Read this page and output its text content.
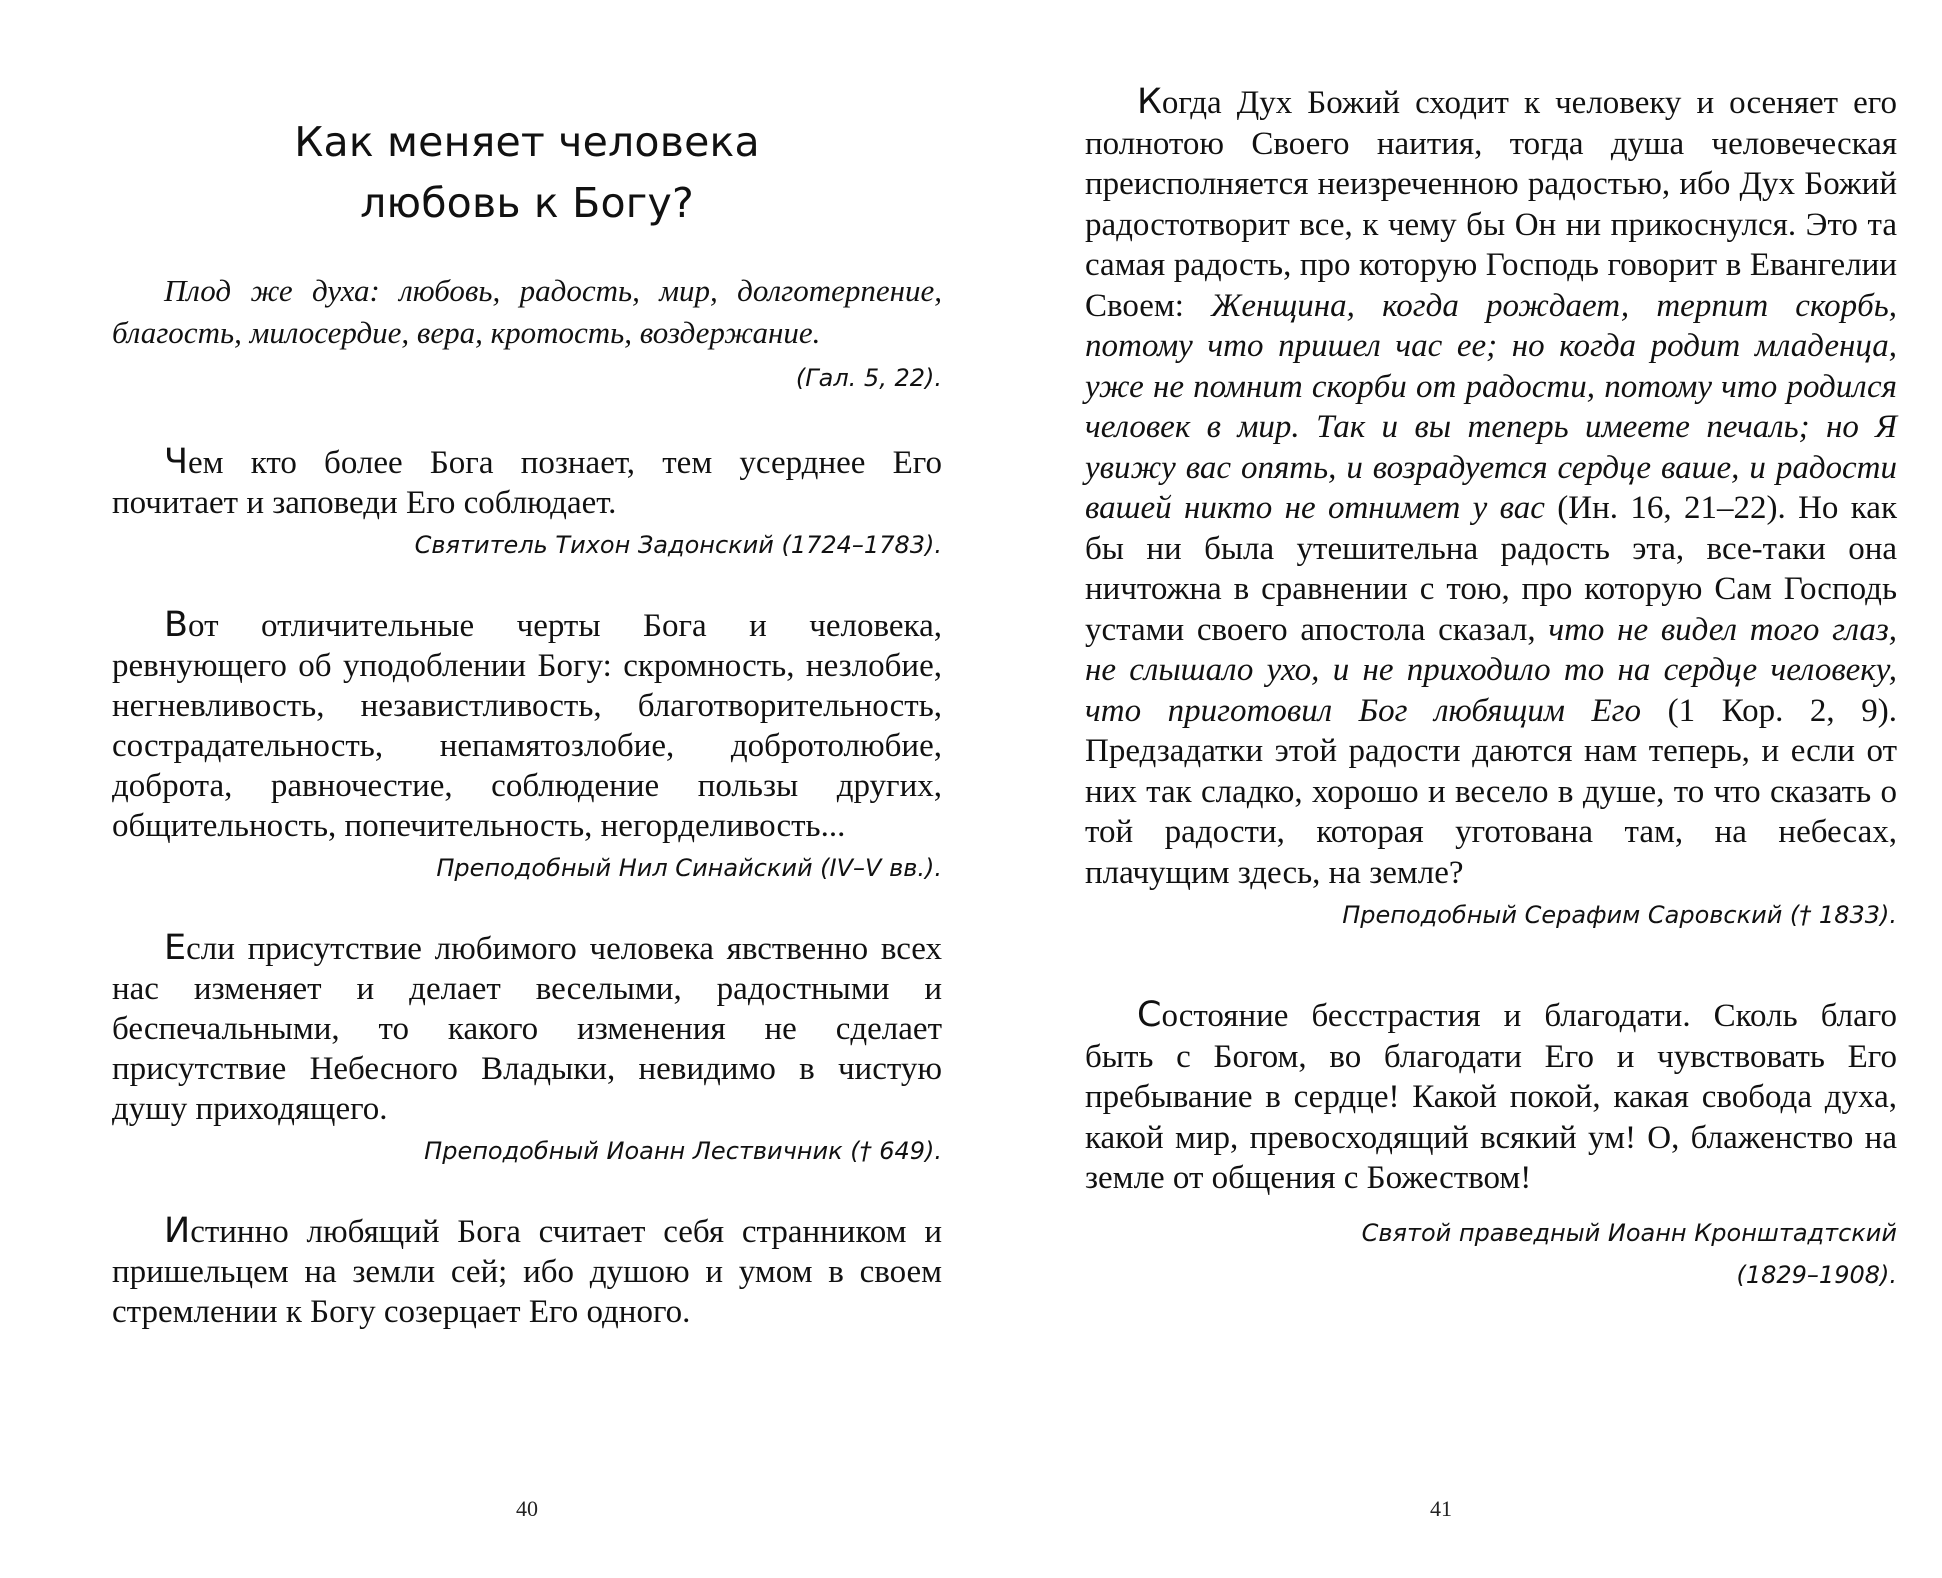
Как меняет человека
любовь к Богу?
Плод же духа: любовь, радость, мир, долготерпение, благость, милосердие, вера, кротость, воздержание.
(Гал. 5, 22).

Чем кто более Бога познает, тем усерднее Его почитает и заповеди Его соблюдает.

Святитель Тихон Задонский (1724–1783).

Вот отличительные черты Бога и человека, ревнующего об уподоблении Богу: скромность, незлобие, негневливость, независтливость, благотворительность, сострадательность, непамятозлобие, добротолюбие, доброта, равночестие, соблюдение пользы других, общительность, попечительность, негорделивость...

Преподобный Нил Синайский (IV–V вв.).

Если присутствие любимого человека явственно всех нас изменяет и делает веселыми, радостными и беспечальными, то какого изменения не сделает присутствие Небесного Владыки, невидимо в чистую душу приходящего.

Преподобный Иоанн Лествичник († 649).

Истинно любящий Бога считает себя странником и пришельцем на земли сей; ибо душою и умом в своем стремлении к Богу созерцает Его одного.

40

Когда Дух Божий сходит к человеку и осеняет его полнотою Своего наития, тогда душа человеческая преисполняется неизреченною радостью, ибо Дух Божий радостотворит все, к чему бы Он ни прикоснулся. Это та самая радость, про которую Господь говорит в Евангелии Своем: Женщина, когда рождает, терпит скорбь, потому что пришел час ее; но когда родит младенца, уже не помнит скорби от радости, потому что родился человек в мир. Так и вы теперь имеете печаль; но Я увижу вас опять, и возрадуется сердце ваше, и радости вашей никто не отнимет у вас (Ин. 16, 21–22). Но как бы ни была утешительна радость эта, все-таки она ничтожна в сравнении с тою, про которую Сам Господь устами своего апостола сказал, что не видел того глаз, не слышало ухо, и не приходило то на сердце человеку, что приготовил Бог любящим Его (1 Кор. 2, 9). Предзадатки этой радости даются нам теперь, и если от них так сладко, хорошо и весело в душе, то что сказать о той радости, которая уготована там, на небесах, плачущим здесь, на земле?

Преподобный Серафим Саровский († 1833).

Состояние бесстрастия и благодати. Сколь благо быть с Богом, во благодати Его и чувствовать Его пребывание в сердце! Какой покой, какая свобода духа, какой мир, превосходящий всякий ум! О, блаженство на земле от общения с Божеством!

Святой праведный Иоанн Кронштадтский
(1829–1908).
41
